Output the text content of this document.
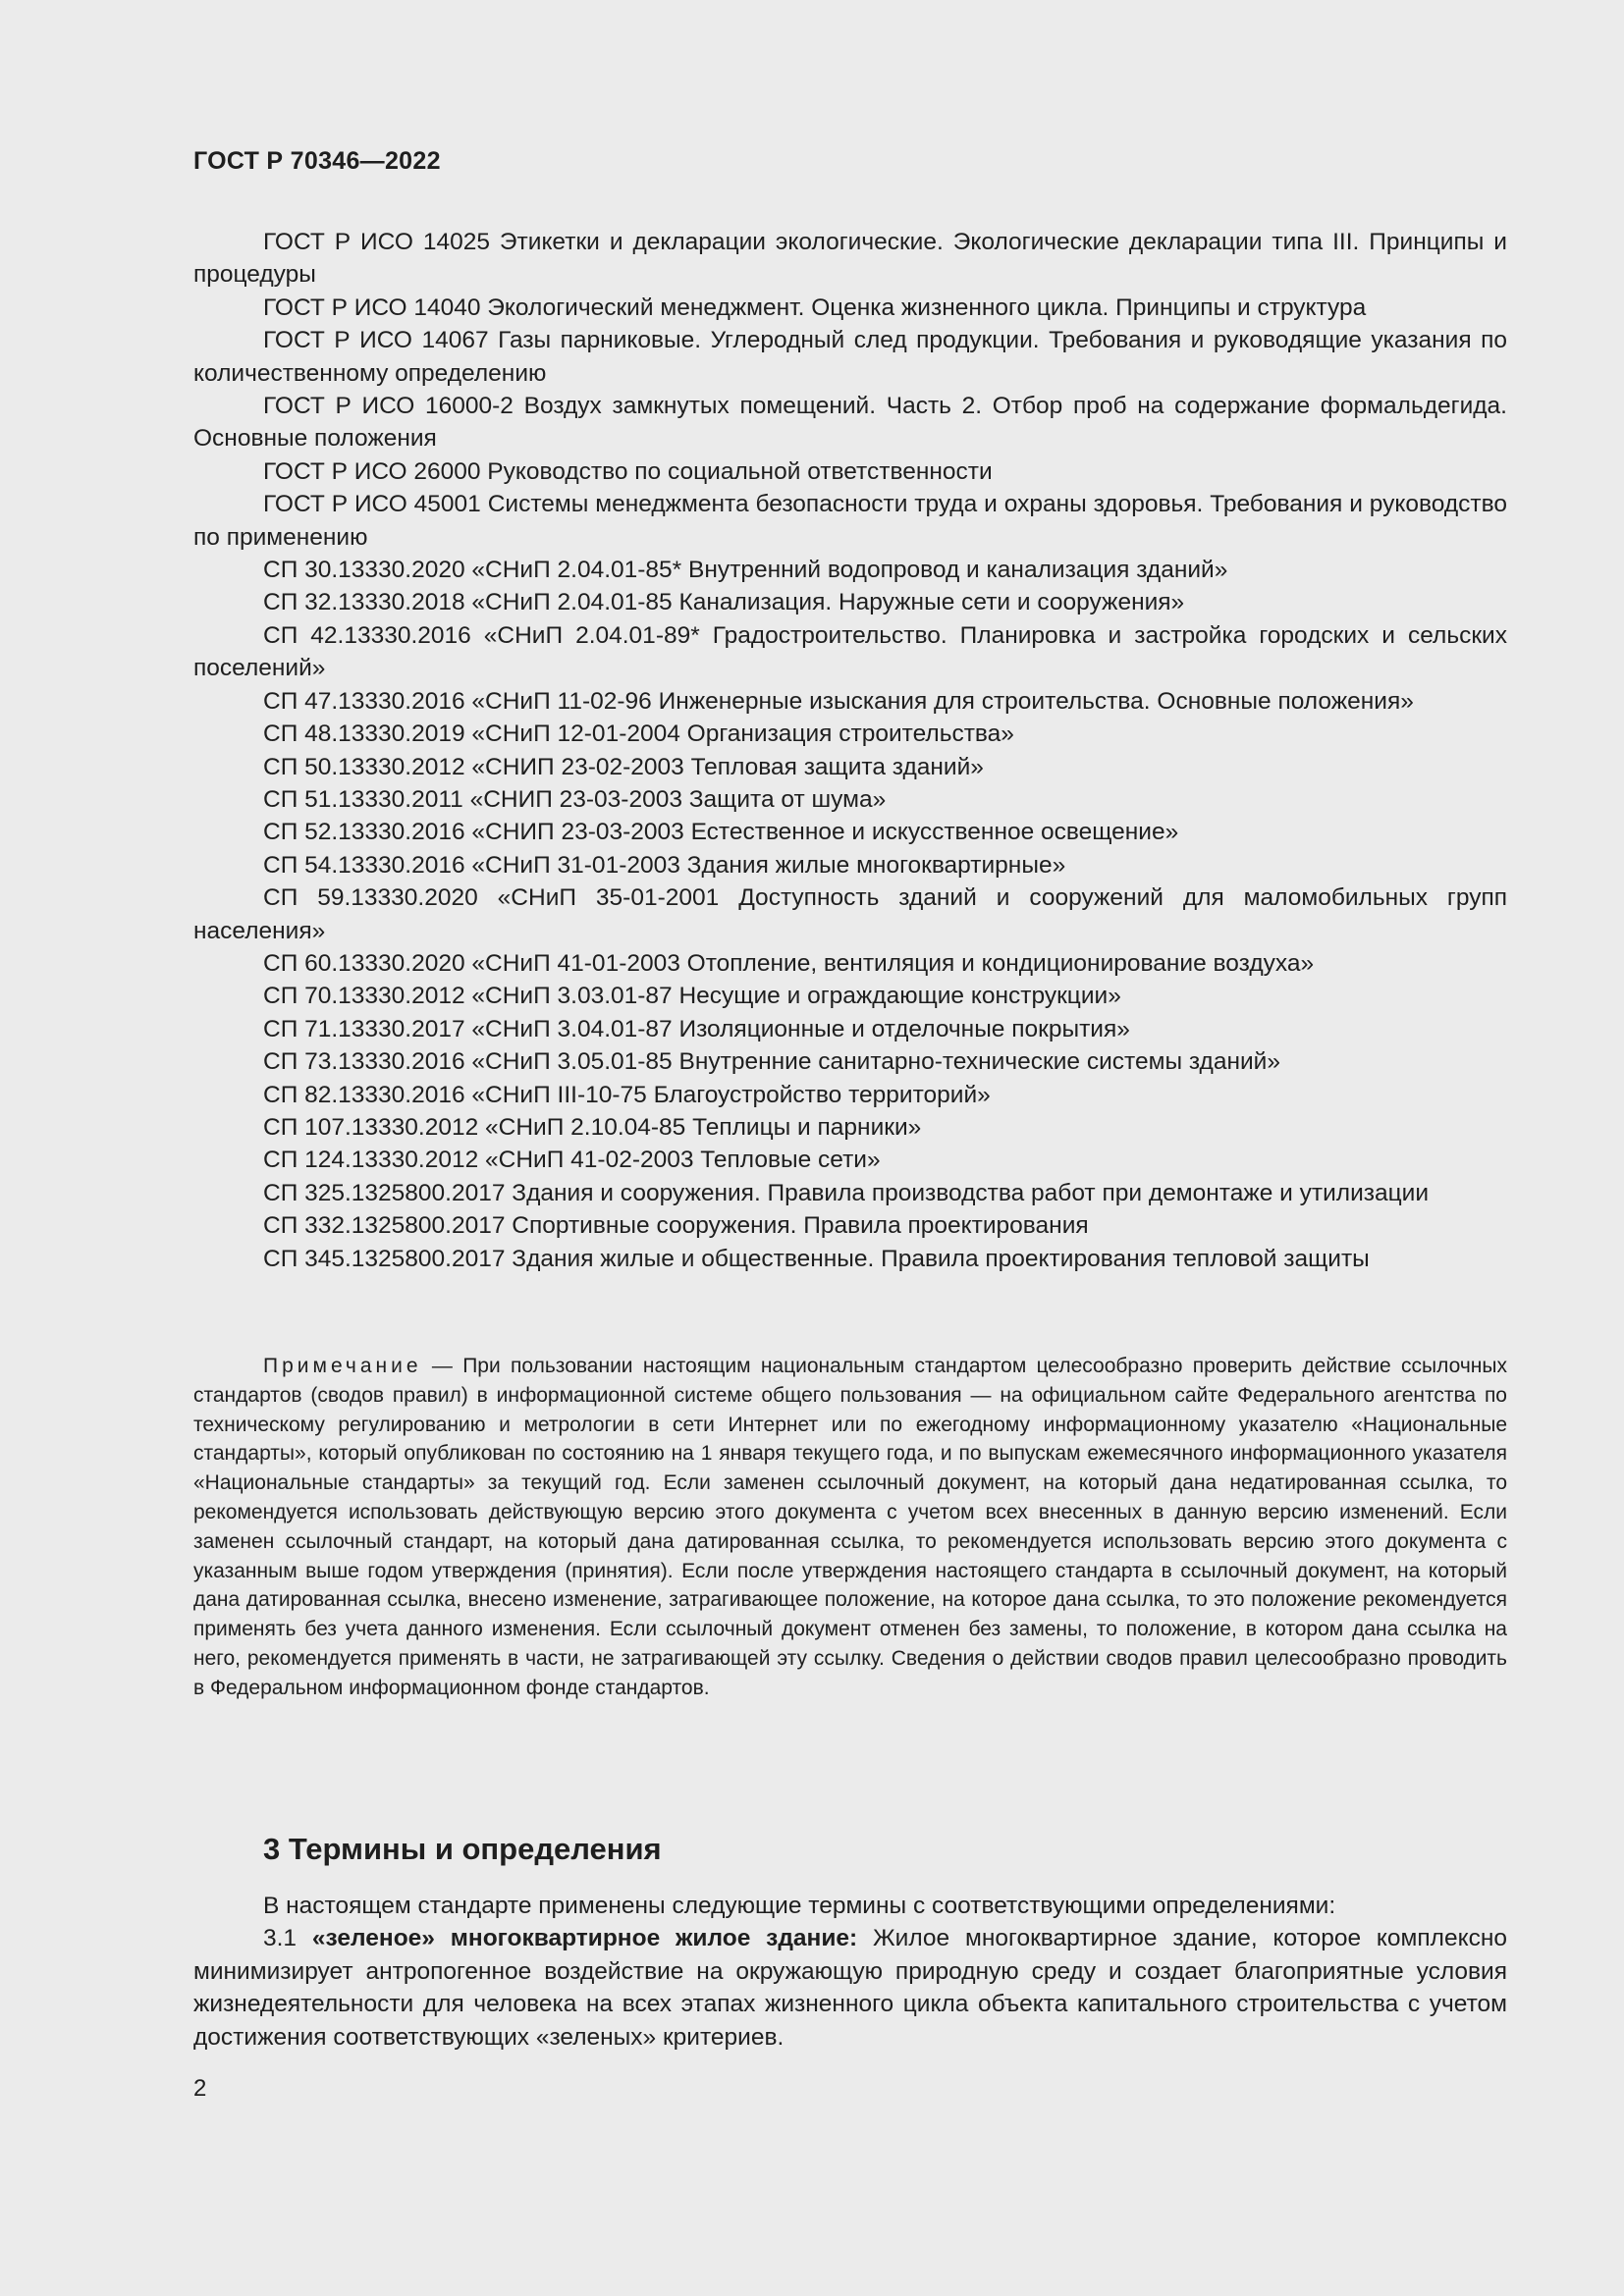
ГОСТ Р 70346—2022
ГОСТ Р ИСО 14025 Этикетки и декларации экологические. Экологические декларации типа III. Принципы и процедуры
ГОСТ Р ИСО 14040 Экологический менеджмент. Оценка жизненного цикла. Принципы и структура
ГОСТ Р ИСО 14067 Газы парниковые. Углеродный след продукции. Требования и руководящие указания по количественному определению
ГОСТ Р ИСО 16000-2 Воздух замкнутых помещений. Часть 2. Отбор проб на содержание формальдегида. Основные положения
ГОСТ Р ИСО 26000 Руководство по социальной ответственности
ГОСТ Р ИСО 45001 Системы менеджмента безопасности труда и охраны здоровья. Требования и руководство по применению
СП 30.13330.2020 «СНиП 2.04.01-85* Внутренний водопровод и канализация зданий»
СП 32.13330.2018 «СНиП 2.04.01-85 Канализация. Наружные сети и сооружения»
СП 42.13330.2016 «СНиП 2.04.01-89* Градостроительство. Планировка и застройка городских и сельских поселений»
СП 47.13330.2016 «СНиП 11-02-96 Инженерные изыскания для строительства. Основные положения»
СП 48.13330.2019 «СНиП 12-01-2004 Организация строительства»
СП 50.13330.2012 «СНИП 23-02-2003 Тепловая защита зданий»
СП 51.13330.2011 «СНИП 23-03-2003 Защита от шума»
СП 52.13330.2016 «СНИП 23-03-2003 Естественное и искусственное освещение»
СП 54.13330.2016 «СНиП 31-01-2003 Здания жилые многоквартирные»
СП 59.13330.2020 «СНиП 35-01-2001 Доступность зданий и сооружений для маломобильных групп населения»
СП 60.13330.2020 «СНиП 41-01-2003 Отопление, вентиляция и кондиционирование воздуха»
СП 70.13330.2012 «СНиП 3.03.01-87 Несущие и ограждающие конструкции»
СП 71.13330.2017 «СНиП 3.04.01-87 Изоляционные и отделочные покрытия»
СП 73.13330.2016 «СНиП 3.05.01-85 Внутренние санитарно-технические системы зданий»
СП 82.13330.2016 «СНиП III-10-75 Благоустройство территорий»
СП 107.13330.2012 «СНиП 2.10.04-85 Теплицы и парники»
СП 124.13330.2012 «СНиП 41-02-2003 Тепловые сети»
СП 325.1325800.2017 Здания и сооружения. Правила производства работ при демонтаже и утилизации
СП 332.1325800.2017 Спортивные сооружения. Правила проектирования
СП 345.1325800.2017 Здания жилые и общественные. Правила проектирования тепловой защиты
Примечание — При пользовании настоящим национальным стандартом целесообразно проверить действие ссылочных стандартов (сводов правил) в информационной системе общего пользования — на официальном сайте Федерального агентства по техническому регулированию и метрологии в сети Интернет или по ежегодному информационному указателю «Национальные стандарты», который опубликован по состоянию на 1 января текущего года, и по выпускам ежемесячного информационного указателя «Национальные стандарты» за текущий год. Если заменен ссылочный документ, на который дана недатированная ссылка, то рекомендуется использовать действующую версию этого документа с учетом всех внесенных в данную версию изменений. Если заменен ссылочный стандарт, на который дана датированная ссылка, то рекомендуется использовать версию этого документа с указанным выше годом утверждения (принятия). Если после утверждения настоящего стандарта в ссылочный документ, на который дана датированная ссылка, внесено изменение, затрагивающее положение, на которое дана ссылка, то это положение рекомендуется применять без учета данного изменения. Если ссылочный документ отменен без замены, то положение, в котором дана ссылка на него, рекомендуется применять в части, не затрагивающей эту ссылку. Сведения о действии сводов правил целесообразно проводить в Федеральном информационном фонде стандартов.
3 Термины и определения
В настоящем стандарте применены следующие термины с соответствующими определениями:
3.1 «зеленое» многоквартирное жилое здание: Жилое многоквартирное здание, которое комплексно минимизирует антропогенное воздействие на окружающую природную среду и создает благоприятные условия жизнедеятельности для человека на всех этапах жизненного цикла объекта капитального строительства с учетом достижения соответствующих «зеленых» критериев.
2
